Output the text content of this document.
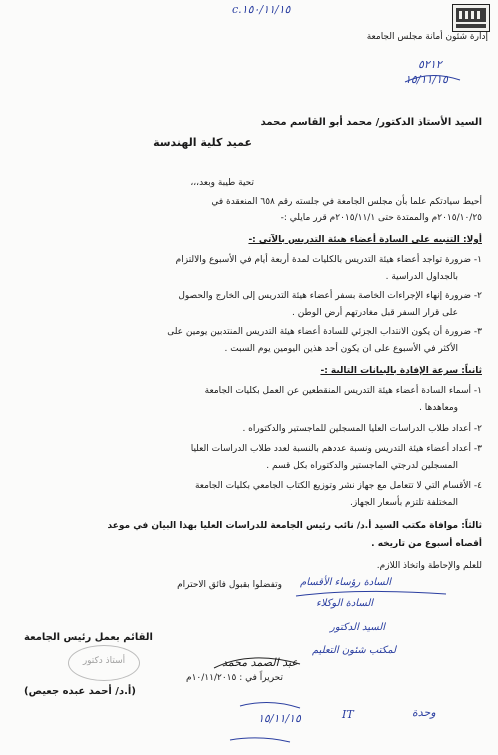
c.١٥٠/١١/١٥
إدارة شئون أمانة مجلس الجامعة
٥٢١٢
١٥/١١/١٥
السيد الأستاذ الدكتور/ محمد أبو القاسم محمد
عميد كلية الهندسة
تحية طيبة وبعد،،،
أحيط سيادتكم علما بأن مجلس الجامعة في جلسته رقم ٦٥٨ المنعقدة في
٢٠١٥/١٠/٢٥م والممتدة حتى ٢٠١٥/١١/١م قرر مايلي :-
أولا: التنبيه على السادة أعضاء هيئة التدريس بالآتي :-
١- ضرورة تواجد أعضاء هيئة التدريس بالكليات لمدة أربعة أيام في الأسبوع والالتزام
بالجداول الدراسية .
٢- ضرورة إنهاء الإجراءات الخاصة بسفر أعضاء هيئة التدريس إلى الخارج والحصول
على قرار السفر قبل مغادرتهم أرض الوطن .
٣- ضرورة أن يكون الانتداب الجزئي للسادة أعضاء هيئة التدريس المنتدبين يومين على
الأكثر في الأسبوع على ان يكون أحد هذين اليومين يوم السبت .
ثانياً: سرعة الإفادة بالبيانات التالية :-
١- أسماء السادة أعضاء هيئة التدريس المنقطعين عن العمل بكليات الجامعة
ومعاهدها .
٢- أعداد طلاب الدراسات العليا المسجلين للماجستير والدكتوراه .
٣- أعداد أعضاء هيئة التدريس ونسبة عددهم بالنسبة لعدد طلاب الدراسات العليا
المسجلين لدرجتي الماجستير والدكتوراه بكل قسم .
٤- الأقسام التي لا تتعامل مع جهاز نشر وتوزيع الكتاب الجامعي بكليات الجامعة
المختلفة تلتزم بأسعار الجهاز.
ثالثاً: موافاة مكتب السيد أ.د/ نائب رئيس الجامعة للدراسات العليا بهذا البيان في موعد
أقصاه أسبوع من تاريخه .
للعلم والإحاطة واتخاذ اللازم.
وتفضلوا بقبول فائق الاحترام السادة رؤساء الأقسام
السادة الوكلاء
السيد الدكتور
لمكتب شئون التعليم
القائم بعمل رئيس الجامعة
أستاذ دكتور
(أ.د/ أحمد عبده جعيص)
عبد الصمد محمد
تحريراً في : ١٠/١١/٢٠١٥م
١٥/١١/١٥	IT	وحدة
